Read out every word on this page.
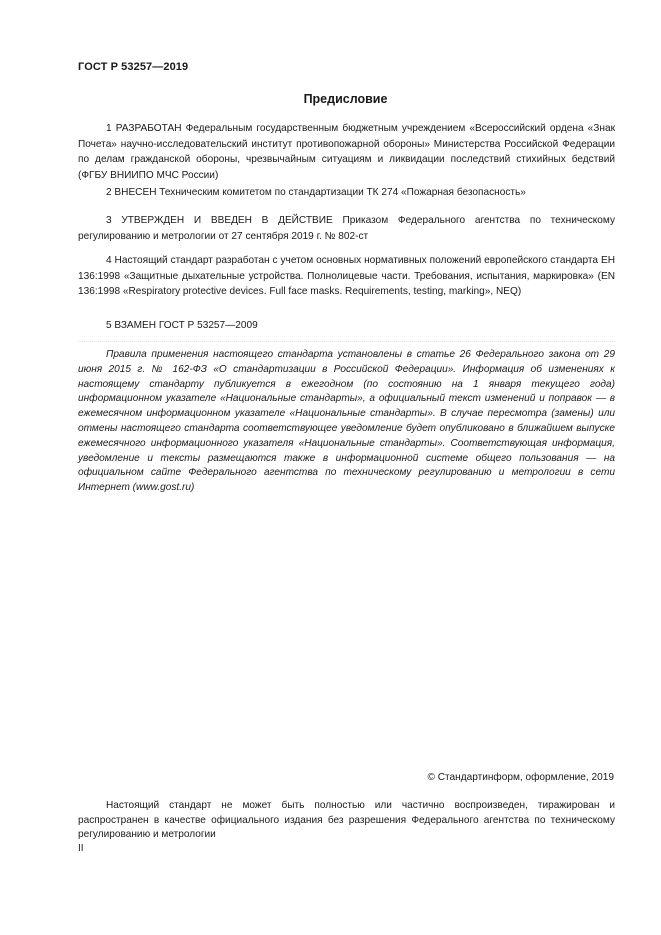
ГОСТ Р 53257—2019
Предисловие

1 РАЗРАБОТАН Федеральным государственным бюджетным учреждением «Всероссийский ордена «Знак Почета» научно-исследовательский институт противопожарной обороны» Министерства Российской Федерации по делам гражданской обороны, чрезвычайным ситуациям и ликвидации последствий стихийных бедствий (ФГБУ ВНИИПО МЧС России)

2 ВНЕСЕН Техническим комитетом по стандартизации ТК 274 «Пожарная безопасность»

3 УТВЕРЖДЕН И ВВЕДЕН В ДЕЙСТВИЕ Приказом Федерального агентства по техническому регулированию и метрологии от 27 сентября 2019 г. № 802-ст

4 Настоящий стандарт разработан с учетом основных нормативных положений европейского стандарта ЕН 136:1998 «Защитные дыхательные устройства. Полнолицевые части. Требования, испытания, маркировка» (EN 136:1998 «Respiratory protective devices. Full face masks. Requirements, testing, marking», NEQ)

5 ВЗАМЕН ГОСТ Р 53257—2009

Правила применения настоящего стандарта установлены в статье 26 Федерального закона от 29 июня 2015 г. № 162-ФЗ «О стандартизации в Российской Федерации». Информация об изменениях к настоящему стандарту публикуется в ежегодном (по состоянию на 1 января текущего года) информационном указателе «Национальные стандарты», а официальный текст изменений и поправок — в ежемесячном информационном указателе «Национальные стандарты». В случае пересмотра (замены) или отмены настоящего стандарта соответствующее уведомление будет опубликовано в ближайшем выпуске ежемесячного информационного указателя «Национальные стандарты». Соответствующая информация, уведомление и тексты размещаются также в информационной системе общего пользования — на официальном сайте Федерального агентства по техническому регулированию и метрологии в сети Интернет (www.gost.ru)

© Стандартинформ, оформление, 2019

Настоящий стандарт не может быть полностью или частично воспроизведен, тиражирован и распространен в качестве официального издания без разрешения Федерального агентства по техническому регулированию и метрологии

II
